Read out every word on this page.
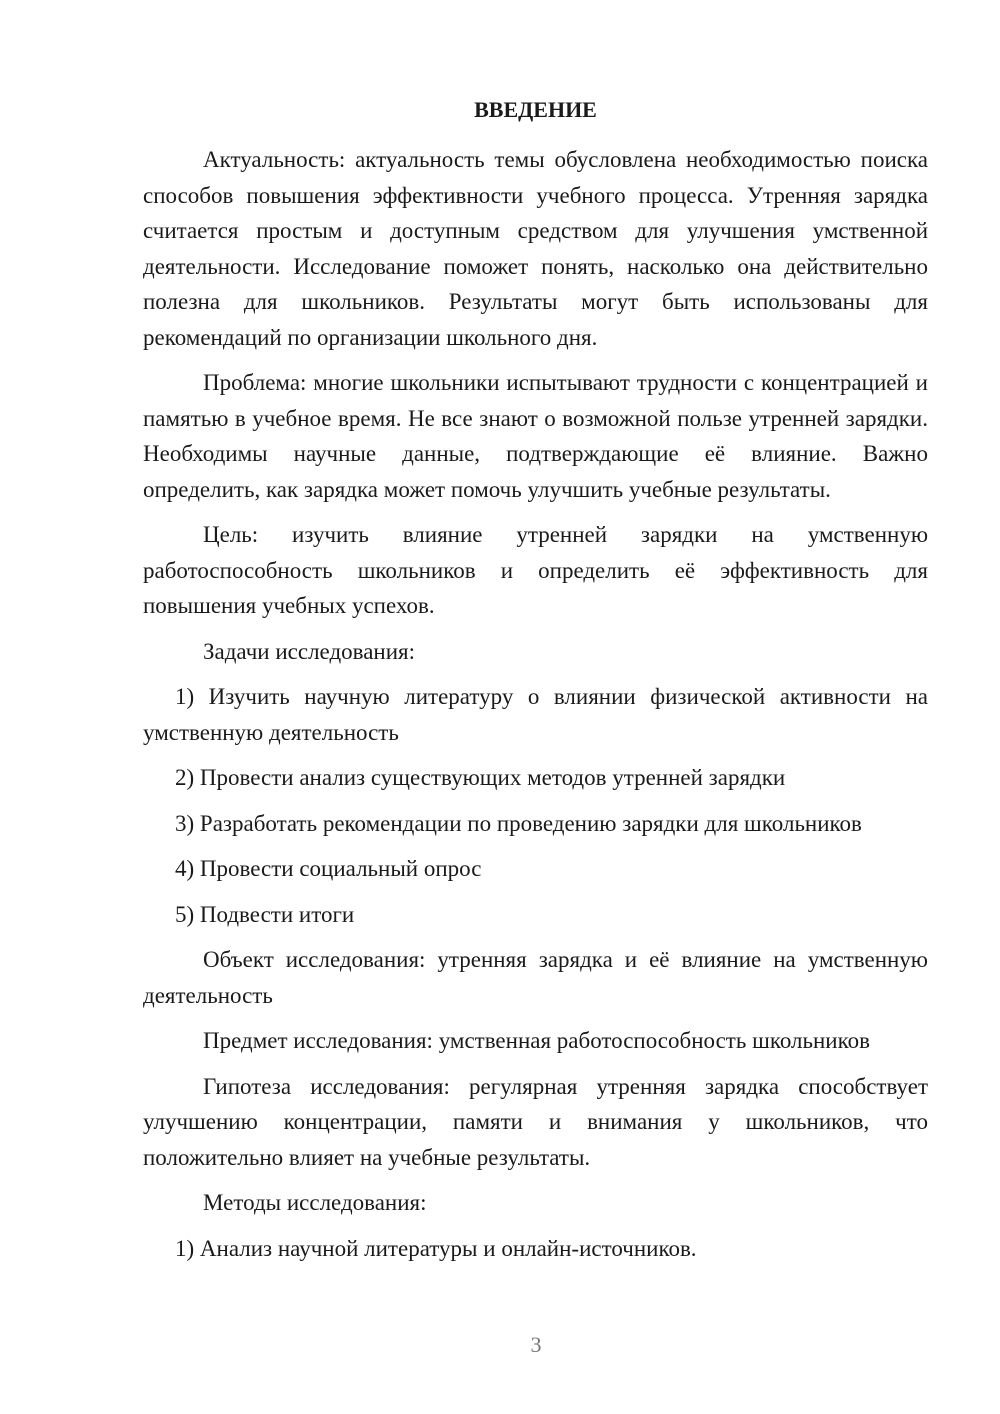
ВВЕДЕНИЕ

Актуальность: актуальность темы обусловлена необходимостью поиска способов повышения эффективности учебного процесса. Утренняя зарядка считается простым и доступным средством для улучшения умственной деятельности. Исследование поможет понять, насколько она действительно полезна для школьников. Результаты могут быть использованы для рекомендаций по организации школьного дня.

Проблема: многие школьники испытывают трудности с концентрацией и памятью в учебное время. Не все знают о возможной пользе утренней зарядки. Необходимы научные данные, подтверждающие её влияние. Важно определить, как зарядка может помочь улучшить учебные результаты.

Цель: изучить влияние утренней зарядки на умственную работоспособность школьников и определить её эффективность для повышения учебных успехов.

Задачи исследования:

1) Изучить научную литературу о влиянии физической активности на умственную деятельность

2) Провести анализ существующих методов утренней зарядки

3) Разработать рекомендации по проведению зарядки для школьников

4) Провести социальный опрос

5) Подвести итоги

Объект исследования: утренняя зарядка и её влияние на умственную деятельность

Предмет исследования: умственная работоспособность школьников

Гипотеза исследования: регулярная утренняя зарядка способствует улучшению концентрации, памяти и внимания у школьников, что положительно влияет на учебные результаты.

Методы исследования:

1) Анализ научной литературы и онлайн-источников.

3
